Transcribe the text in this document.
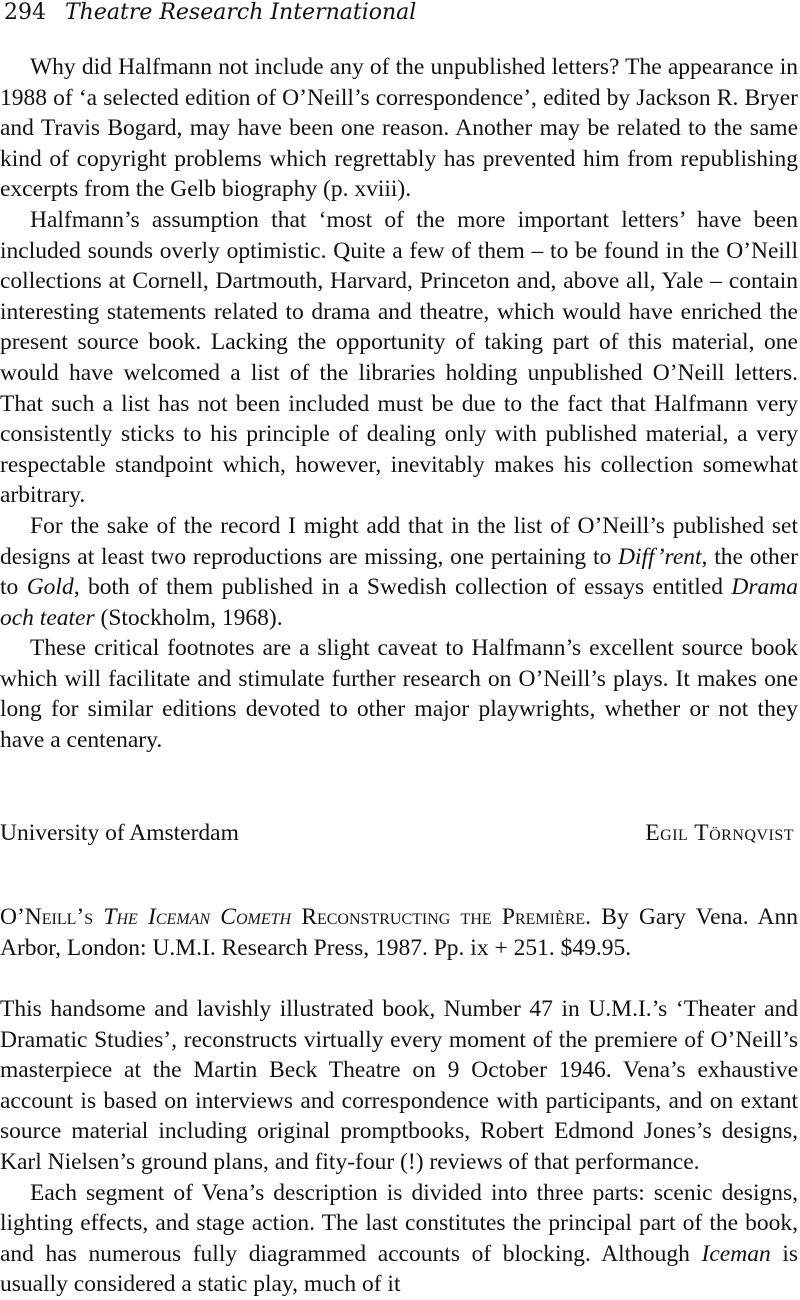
294 Theatre Research International

Why did Halfmann not include any of the unpublished letters? The appearance in 1988 of ‘a selected edition of O’Neill’s correspondence’, edited by Jackson R. Bryer and Travis Bogard, may have been one reason. Another may be related to the same kind of copyright problems which regrettably has prevented him from republishing excerpts from the Gelb biography (p. xviii).

Halfmann’s assumption that ‘most of the more important letters’ have been included sounds overly optimistic. Quite a few of them – to be found in the O’Neill collections at Cornell, Dartmouth, Harvard, Princeton and, above all, Yale – contain interesting statements related to drama and theatre, which would have enriched the present source book. Lacking the opportunity of taking part of this material, one would have welcomed a list of the libraries holding unpublished O’Neill letters. That such a list has not been included must be due to the fact that Halfmann very consistently sticks to his principle of dealing only with published material, a very respectable standpoint which, however, inevitably makes his collection somewhat arbitrary.

For the sake of the record I might add that in the list of O’Neill’s published set designs at least two reproductions are missing, one pertaining to Diff’rent, the other to Gold, both of them published in a Swedish collection of essays entitled Drama och teater (Stockholm, 1968).

These critical footnotes are a slight caveat to Halfmann’s excellent source book which will facilitate and stimulate further research on O’Neill’s plays. It makes one long for similar editions devoted to other major playwrights, whether or not they have a centenary.

University of Amsterdam	Egil Törnqvist
O’Neill’s The Iceman Cometh Reconstructing the Première. By Gary Vena. Ann Arbor, London: U.M.I. Research Press, 1987. Pp. ix + 251. $49.95.

This handsome and lavishly illustrated book, Number 47 in U.M.I.’s ‘Theater and Dramatic Studies’, reconstructs virtually every moment of the premiere of O’Neill’s masterpiece at the Martin Beck Theatre on 9 October 1946. Vena’s exhaustive account is based on interviews and correspondence with participants, and on extant source material including original promptbooks, Robert Edmond Jones’s designs, Karl Nielsen’s ground plans, and fity-four (!) reviews of that performance.

Each segment of Vena’s description is divided into three parts: scenic designs, lighting effects, and stage action. The last constitutes the principal part of the book, and has numerous fully diagrammed accounts of blocking. Although Iceman is usually considered a static play, much of it
